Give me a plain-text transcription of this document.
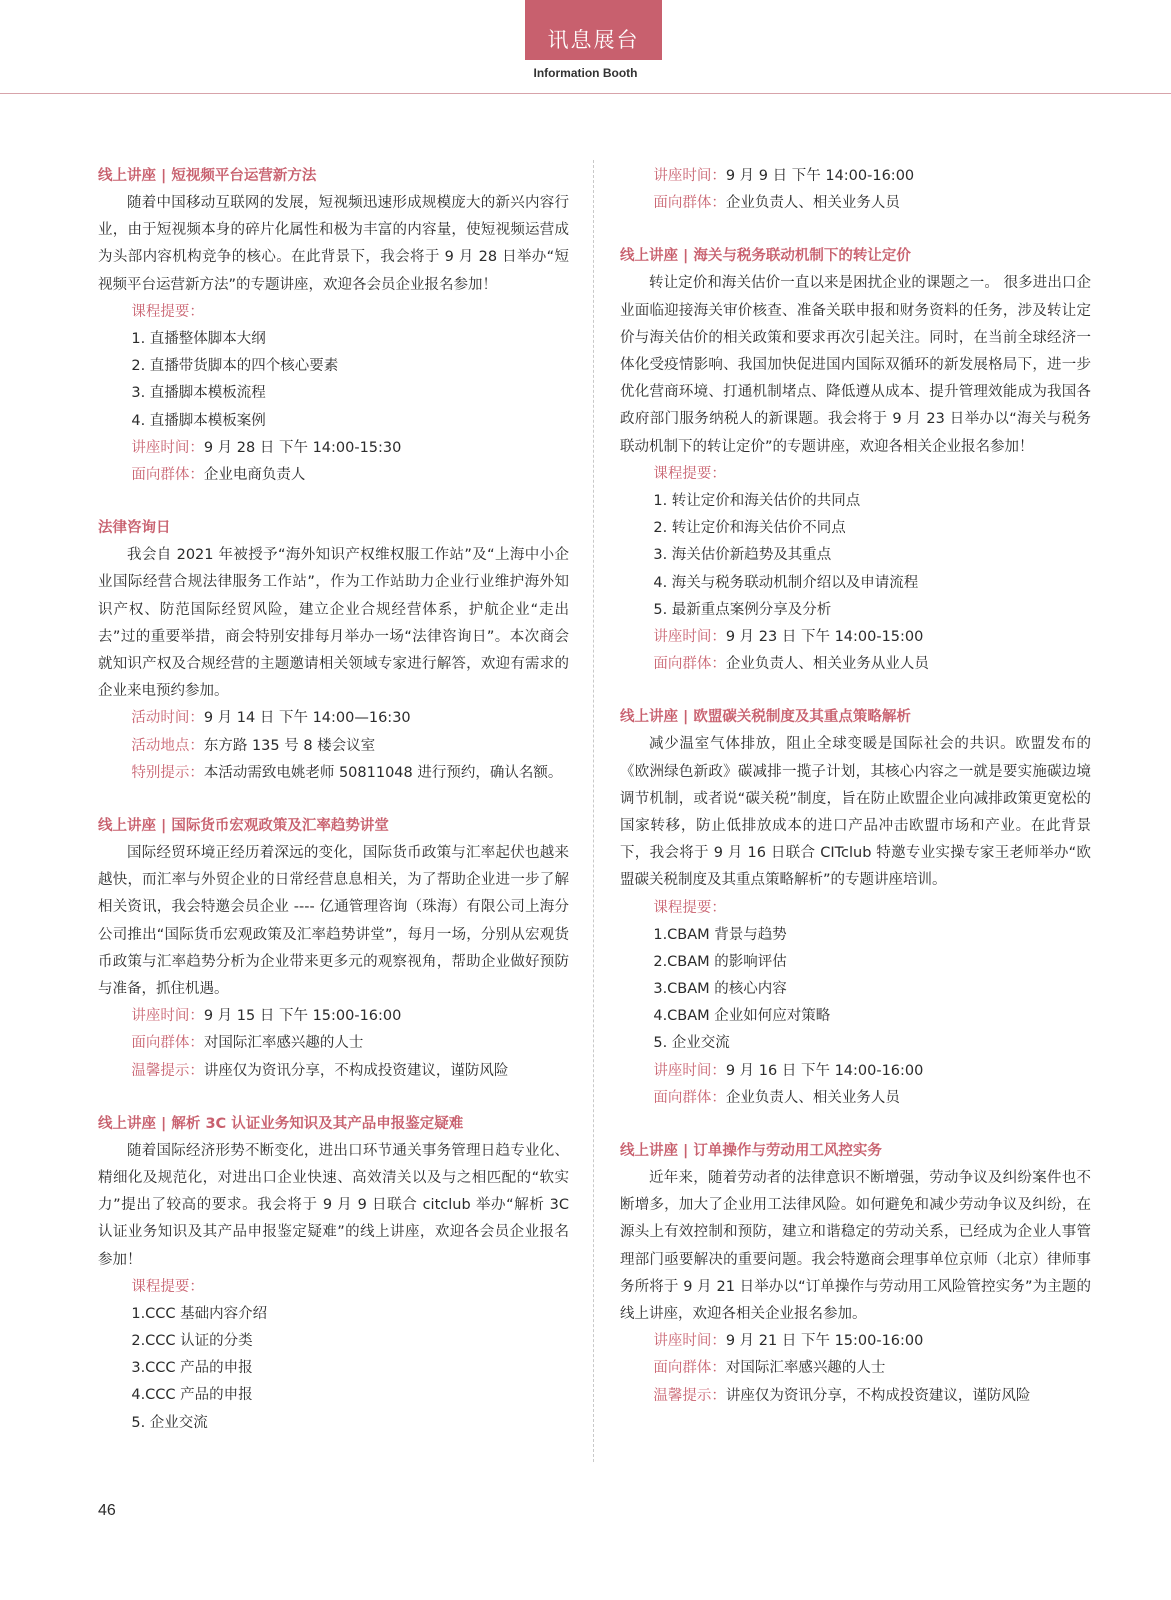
讯息展台
Information Booth
线上讲座 | 短视频平台运营新方法

随着中国移动互联网的发展，短视频迅速形成规模庞大的新兴内容行业，由于短视频本身的碎片化属性和极为丰富的内容量，使短视频运营成为头部内容机构竞争的核心。在此背景下，我会将于 9 月 28 日举办“短视频平台运营新方法”的专题讲座，欢迎各会员企业报名参加！

课程提要：
1. 直播整体脚本大纲
2. 直播带货脚本的四个核心要素
3. 直播脚本模板流程
4. 直播脚本模板案例
讲座时间：9 月 28 日 下午 14:00-15:30
面向群体：企业电商负责人
法律咨询日

我会自 2021 年被授予“海外知识产权维权服工作站”及“上海中小企业国际经营合规法律服务工作站”，作为工作站助力企业行业维护海外知识产权、防范国际经贸风险，建立企业合规经营体系，护航企业“走出去”过的重要举措，商会特别安排每月举办一场“法律咨询日”。本次商会就知识产权及合规经营的主题邀请相关领域专家进行解答，欢迎有需求的企业来电预约参加。

活动时间：9 月 14 日 下午 14:00—16:30
活动地点：东方路 135 号 8 楼会议室
特别提示：本活动需致电姚老师 50811048 进行预约，确认名额。
线上讲座 | 国际货币宏观政策及汇率趋势讲堂

国际经贸环境正经历着深远的变化，国际货币政策与汇率起伏也越来越快，而汇率与外贸企业的日常经营息息相关，为了帮助企业进一步了解相关资讯，我会特邀会员企业 ---- 亿通管理咨询（珠海）有限公司上海分公司推出“国际货币宏观政策及汇率趋势讲堂”，每月一场，分别从宏观货币政策与汇率趋势分析为企业带来更多元的观察视角，帮助企业做好预防与准备，抓住机遇。

讲座时间：9 月 15 日 下午 15:00-16:00
面向群体：对国际汇率感兴趣的人士
温馨提示：讲座仅为资讯分享，不构成投资建议，谨防风险
线上讲座 | 解析 3C 认证业务知识及其产品申报鉴定疑难

随着国际经济形势不断变化，进出口环节通关事务管理日趋专业化、精细化及规范化，对进出口企业快速、高效清关以及与之相匹配的“软实力”提出了较高的要求。我会将于 9 月 9 日联合 citclub 举办“解析 3C 认证业务知识及其产品申报鉴定疑难”的线上讲座，欢迎各会员企业报名参加！

课程提要：
1.CCC 基础内容介绍
2.CCC 认证的分类
3.CCC 产品的申报
4.CCC 产品的申报
5. 企业交流
讲座时间：9 月 9 日 下午 14:00-16:00
面向群体：企业负责人、相关业务人员
线上讲座 | 海关与税务联动机制下的转让定价

转让定价和海关估价一直以来是困扰企业的课题之一。 很多进出口企业面临迎接海关审价核查、准备关联申报和财务资料的任务，涉及转让定价与海关估价的相关政策和要求再次引起关注。同时，在当前全球经济一体化受疫情影响、我国加快促进国内国际双循环的新发展格局下，进一步优化营商环境、打通机制堵点、降低遵从成本、提升管理效能成为我国各政府部门服务纳税人的新课题。我会将于 9 月 23 日举办以“海关与税务联动机制下的转让定价”的专题讲座，欢迎各相关企业报名参加！

课程提要：
1. 转让定价和海关估价的共同点
2. 转让定价和海关估价不同点
3. 海关估价新趋势及其重点
4. 海关与税务联动机制介绍以及申请流程
5. 最新重点案例分享及分析
讲座时间：9 月 23 日 下午 14:00-15:00
面向群体：企业负责人、相关业务从业人员
线上讲座 | 欧盟碳关税制度及其重点策略解析

减少温室气体排放，阻止全球变暖是国际社会的共识。欧盟发布的《欧洲绿色新政》碳减排一揽子计划，其核心内容之一就是要实施碳边境调节机制，或者说“碳关税”制度，旨在防止欧盟企业向减排政策更宽松的国家转移，防止低排放成本的进口产品冲击欧盟市场和产业。在此背景下，我会将于 9 月 16 日联合 CITclub 特邀专业实操专家王老师举办“欧盟碳关税制度及其重点策略解析”的专题讲座培训。

课程提要：
1.CBAM 背景与趋势
2.CBAM 的影响评估
3.CBAM 的核心内容
4.CBAM 企业如何应对策略
5. 企业交流
讲座时间：9 月 16 日 下午 14:00-16:00
面向群体：企业负责人、相关业务人员
线上讲座 | 订单操作与劳动用工风控实务

近年来，随着劳动者的法律意识不断增强，劳动争议及纠纷案件也不断增多，加大了企业用工法律风险。如何避免和减少劳动争议及纠纷，在源头上有效控制和预防，建立和谐稳定的劳动关系，已经成为企业人事管理部门亟要解决的重要问题。我会特邀商会理事单位京师（北京）律师事务所将于 9 月 21 日举办以“订单操作与劳动用工风险管控实务”为主题的线上讲座，欢迎各相关企业报名参加。

讲座时间：9 月 21 日 下午 15:00-16:00
面向群体：对国际汇率感兴趣的人士
温馨提示：讲座仅为资讯分享，不构成投资建议，谨防风险
46
